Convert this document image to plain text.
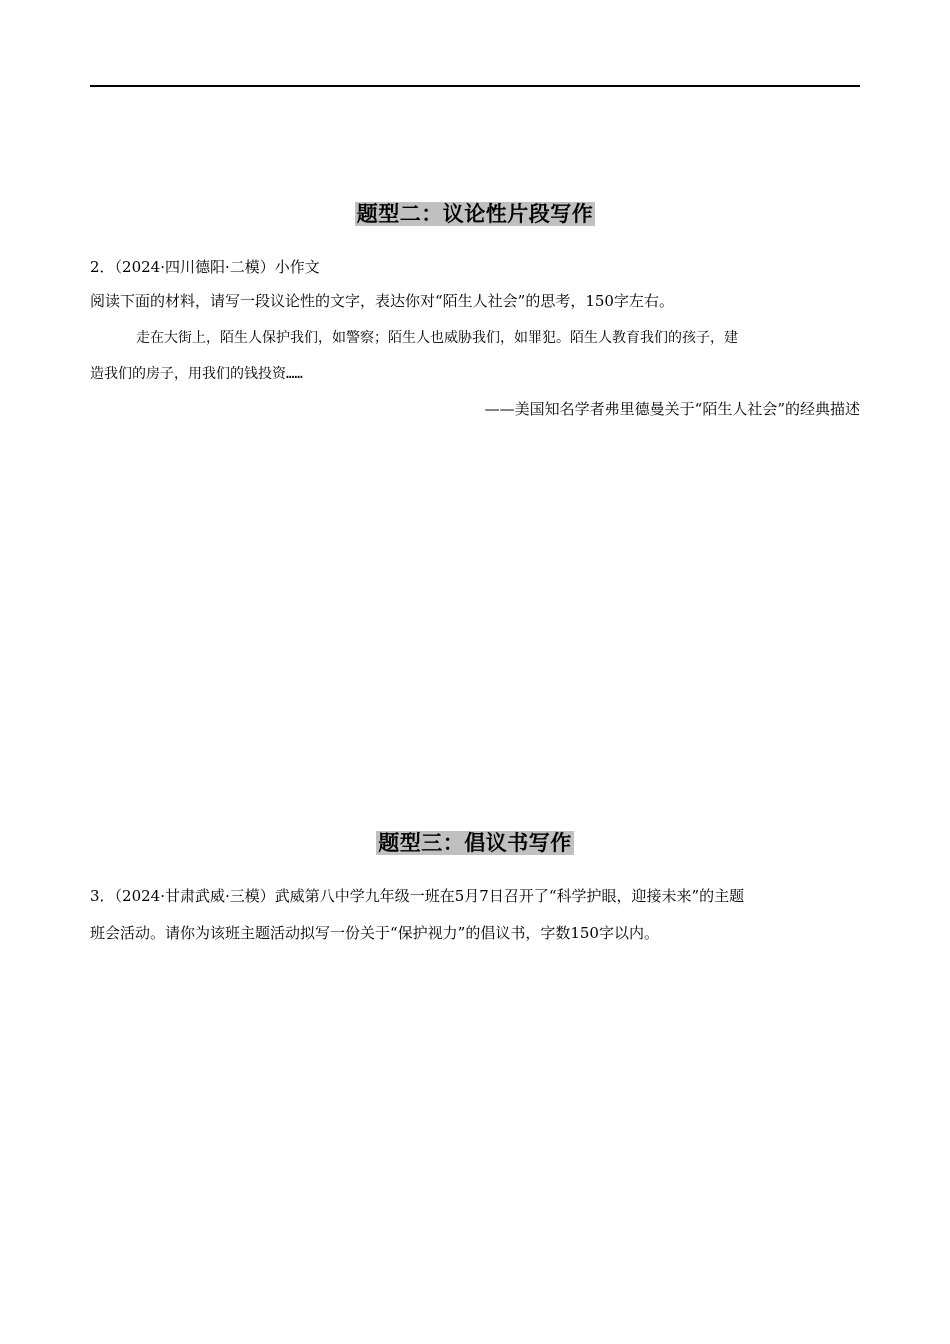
题型二：议论性片段写作
2．（2024·四川德阳·二模）小作文
阅读下面的材料，请写一段议论性的文字，表达你对“陌生人社会”的思考，150字左右。
走在大街上，陌生人保护我们，如警察；陌生人也威胁我们，如罪犯。陌生人教育我们的孩子，建
造我们的房子，用我们的钱投资……
——美国知名学者弗里德曼关于“陌生人社会”的经典描述
题型三：倡议书写作
3．（2024·甘肃武威·三模）武威第八中学九年级一班在5月7日召开了“科学护眼，迎接未来”的主题
班会活动。请你为该班主题活动拟写一份关于“保护视力”的倡议书，字数150字以内。
